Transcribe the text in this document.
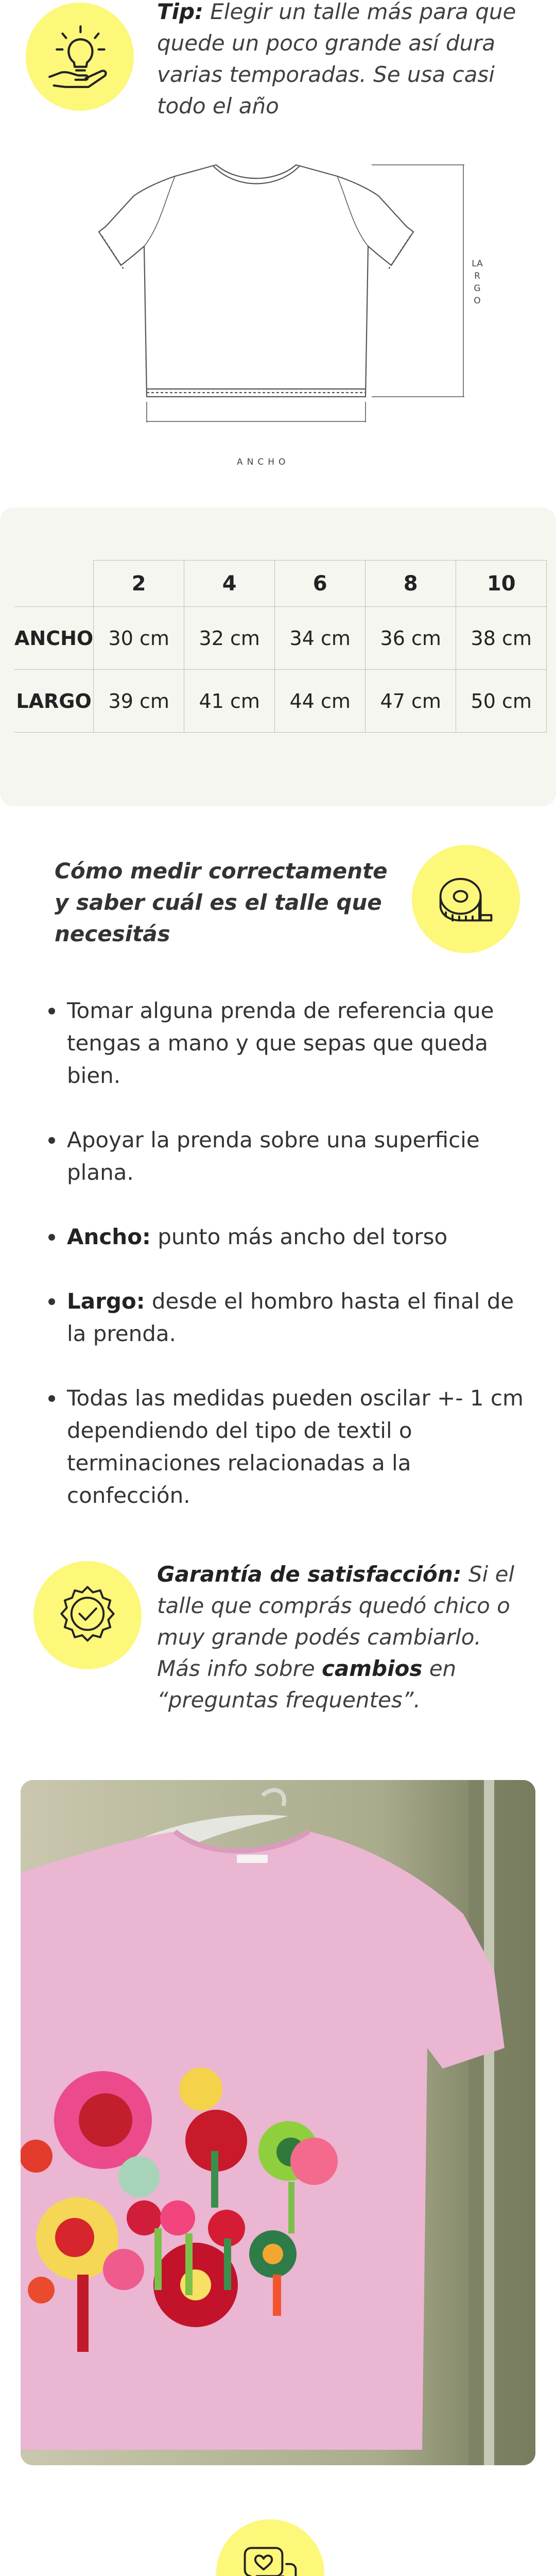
Tip: Elegir un talle más para que quede un poco grande así dura varias temporadas. Se usa casi todo el año
ANCHO
LARGO
	2	4	6	8	10
ANCHO	30 cm	32 cm	34 cm	36 cm	38 cm
LARGO	39 cm	41 cm	44 cm	47 cm	50 cm
Cómo medir correctamente y saber cuál es el talle que necesitás
Tomar alguna prenda de referencia que tengas a mano y que sepas que queda bien.
Apoyar la prenda sobre una superficie plana.
Ancho: punto más ancho del torso
Largo: desde el hombro hasta el final de la prenda.
Todas las medidas pueden oscilar +- 1 cm dependiendo del tipo de textil o terminaciones relacionadas a la confección.
Garantía de satisfacción: Si el talle que comprás quedó chico o muy grande podés cambiarlo. Más info sobre cambios en “preguntas frequentes”.
